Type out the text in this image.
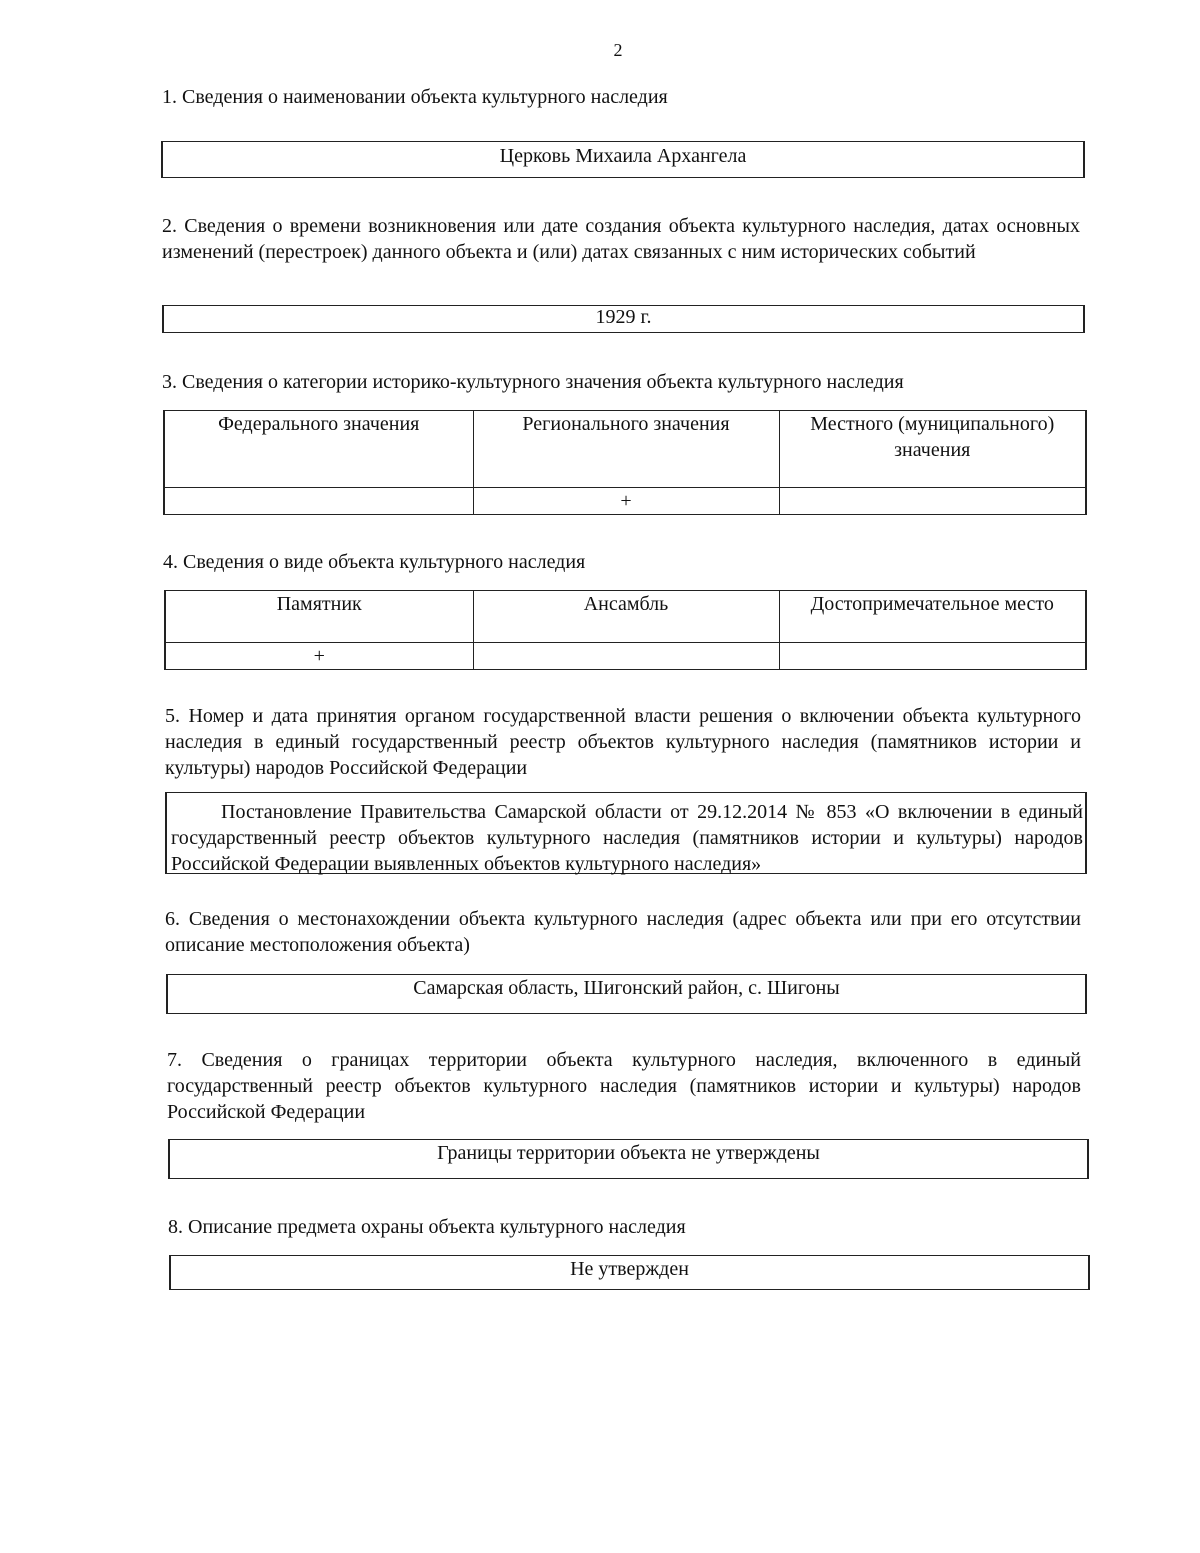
2
1. Сведения о наименовании объекта культурного наследия
Церковь Михаила Архангела
2. Сведения о времени возникновения или дате создания объекта культурного наследия, датах основных изменений (перестроек) данного объекта и (или) датах связанных с ним исторических событий
1929 г.
3. Сведения о категории историко-культурного значения объекта культурного наследия
Федерального значения	Регионального значения	Местного (муниципального) значения
	+	
4. Сведения о виде объекта культурного наследия
Памятник	Ансамбль	Достопримечательное место
+		
5. Номер и дата принятия органом государственной власти решения о включении объекта культурного наследия в единый государственный реестр объектов культурного наследия (памятников истории и культуры) народов Российской Федерации
Постановление Правительства Самарской области от 29.12.2014 № 853 «О включении в единый государственный реестр объектов культурного наследия (памятников истории и культуры) народов Российской Федерации выявленных объектов культурного наследия»
6. Сведения о местонахождении объекта культурного наследия (адрес объекта или при его отсутствии описание местоположения объекта)
Самарская область, Шигонский район, с. Шигоны
7. Сведения о границах территории объекта культурного наследия, включенного в единый государственный реестр объектов культурного наследия (памятников истории и культуры) народов Российской Федерации
Границы территории объекта не утверждены
8. Описание предмета охраны объекта культурного наследия
Не утвержден
